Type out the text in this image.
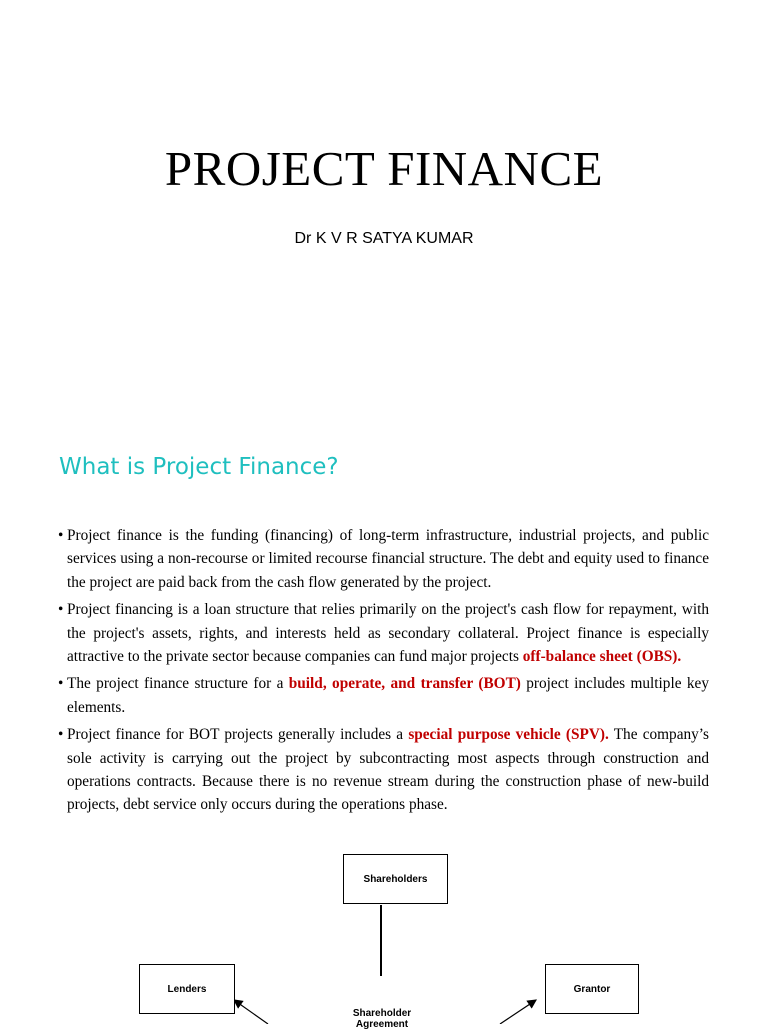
PROJECT FINANCE
Dr K V R SATYA KUMAR
What is Project Finance?
• Project finance is the funding (financing) of long-term infrastructure, industrial projects, and public services using a non-recourse or limited recourse financial structure. The debt and equity used to finance the project are paid back from the cash flow generated by the project.
• Project financing is a loan structure that relies primarily on the project's cash flow for repayment, with the project's assets, rights, and interests held as secondary collateral. Project finance is especially attractive to the private sector because companies can fund major projects off-balance sheet (OBS).
• The project finance structure for a build, operate, and transfer (BOT) project includes multiple key elements.
• Project finance for BOT projects generally includes a special purpose vehicle (SPV). The company’s sole activity is carrying out the project by subcontracting most aspects through construction and operations contracts. Because there is no revenue stream during the construction phase of new-build projects, debt service only occurs during the operations phase.
Shareholders
Lenders	Grantor
Shareholder
Agreement
